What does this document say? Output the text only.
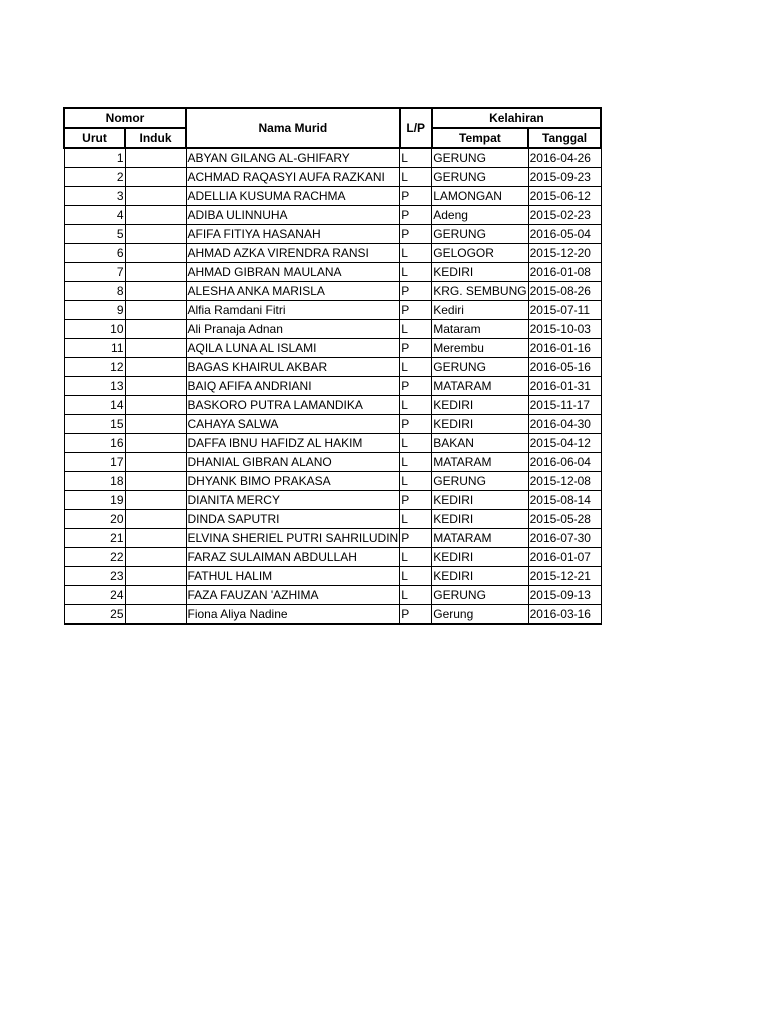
Nomor		Nama Murid	L/P	Kelahiran	
Urut	Induk			Tempat	Tanggal
1		ABYAN GILANG AL-GHIFARY	L	GERUNG	2016-04-26
2		ACHMAD RAQASYI AUFA RAZKANI	L	GERUNG	2015-09-23
3		ADELLIA KUSUMA RACHMA	P	LAMONGAN	2015-06-12
4		ADIBA ULINNUHA	P	Adeng	2015-02-23
5		AFIFA FITIYA HASANAH	P	GERUNG	2016-05-04
6		AHMAD AZKA VIRENDRA RANSI	L	GELOGOR	2015-12-20
7		AHMAD GIBRAN MAULANA	L	KEDIRI	2016-01-08
8		ALESHA ANKA MARISLA	P	KRG. SEMBUNG	2015-08-26
9		Alfia Ramdani Fitri	P	Kediri	2015-07-11
10		Ali Pranaja Adnan	L	Mataram	2015-10-03
11		AQILA LUNA AL ISLAMI	P	Merembu	2016-01-16
12		BAGAS KHAIRUL AKBAR	L	GERUNG	2016-05-16
13		BAIQ AFIFA ANDRIANI	P	MATARAM	2016-01-31
14		BASKORO PUTRA LAMANDIKA	L	KEDIRI	2015-11-17
15		CAHAYA SALWA	P	KEDIRI	2016-04-30
16		DAFFA IBNU HAFIDZ AL HAKIM	L	BAKAN	2015-04-12
17		DHANIAL GIBRAN ALANO	L	MATARAM	2016-06-04
18		DHYANK BIMO PRAKASA	L	GERUNG	2015-12-08
19		DIANITA MERCY	P	KEDIRI	2015-08-14
20		DINDA SAPUTRI	L	KEDIRI	2015-05-28
21		ELVINA SHERIEL PUTRI SAHRILUDIN	P	MATARAM	2016-07-30
22		FARAZ SULAIMAN ABDULLAH	L	KEDIRI	2016-01-07
23		FATHUL HALIM	L	KEDIRI	2015-12-21
24		FAZA FAUZAN 'AZHIMA	L	GERUNG	2015-09-13
25		Fiona Aliya Nadine	P	Gerung	2016-03-16
